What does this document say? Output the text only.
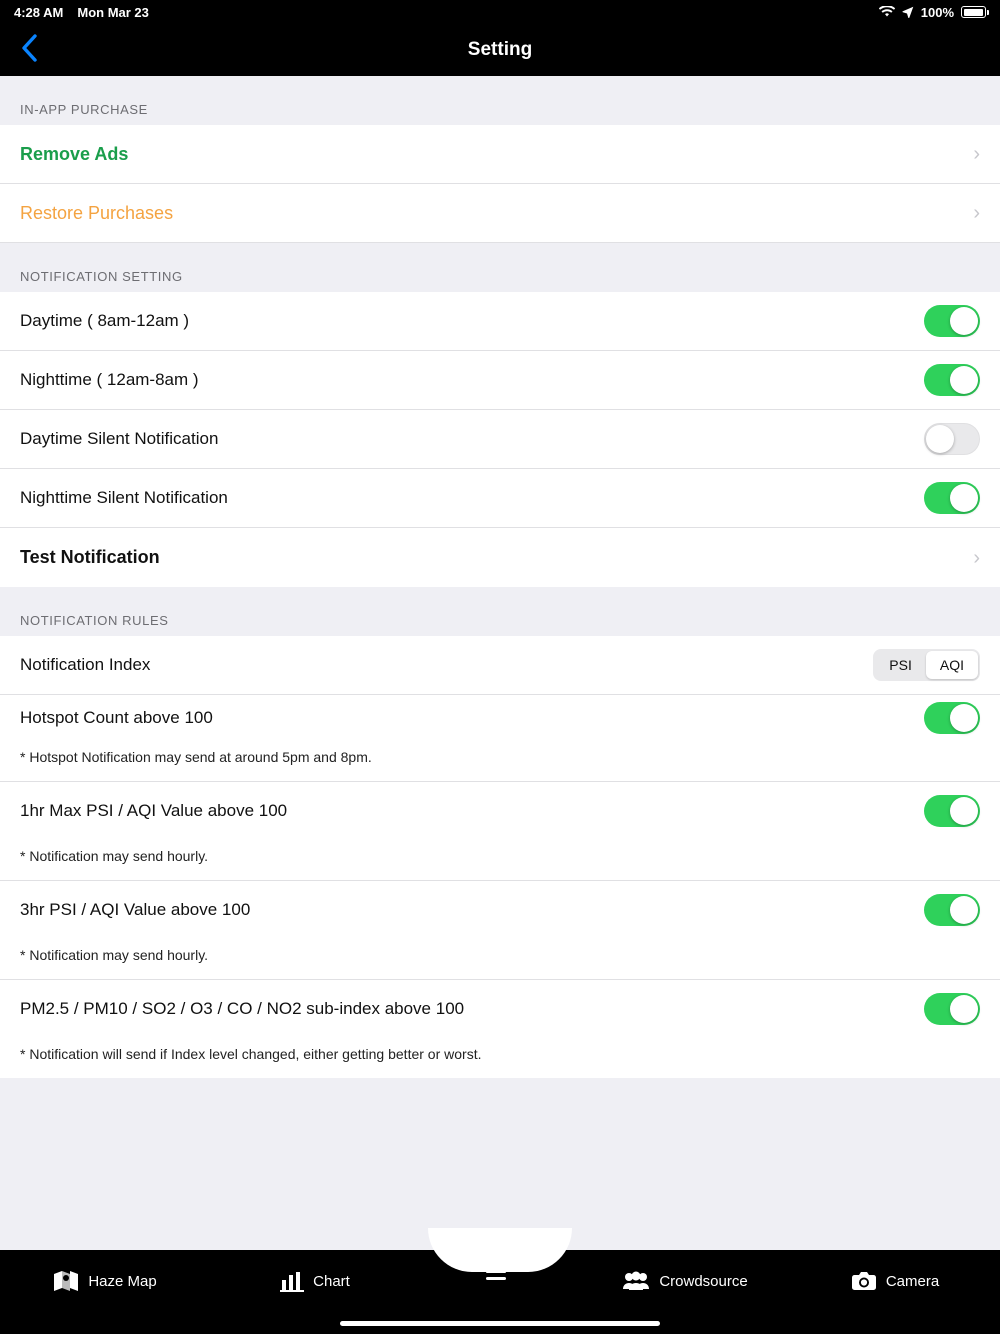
4:28 AM Mon Mar 23	100%
Setting
IN-APP PURCHASE
Remove Ads	›
Restore Purchases	›
NOTIFICATION SETTING
Daytime ( 8am-12am )
Nighttime ( 12am-8am )
Daytime Silent Notification
Nighttime Silent Notification
Test Notification	›
NOTIFICATION RULES
Notification Index	PSI	AQI
Hotspot Count above 100
* Hotspot Notification may send at around 5pm and 8pm.
1hr Max PSI / AQI Value above 100
* Notification may send hourly.
3hr PSI / AQI Value above 100
* Notification may send hourly.
PM2.5 / PM10 / SO2 / O3 / CO / NO2 sub-index above 100
* Notification will send if Index level changed, either getting better or worst.
Haze Map	Chart	Crowdsource	Camera
